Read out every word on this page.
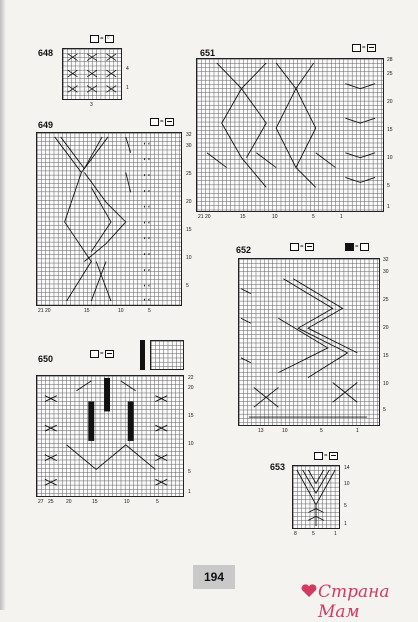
648
=
○
4
1
3
649	=
◐ ◐
◐ ◐
◐ ◐
◐ ◐
◐ ◐
◐ ◐
◐ ◐
◐ ◐
◐ ◐
◐ ◐
◐ ◐
32
30
25
20
15
10
5
21 20	15	10	5
651	=
28
25
20
15
10
5
1
21 20	15	10	5	1
652	=	=
32
30
25
20
15
10
5
13	10	5	1
650	=
22
20
15
10
5
1
27 25 20	15	10	5
653
=
14
10
5
1
8	5	1
194
Страна Мам
